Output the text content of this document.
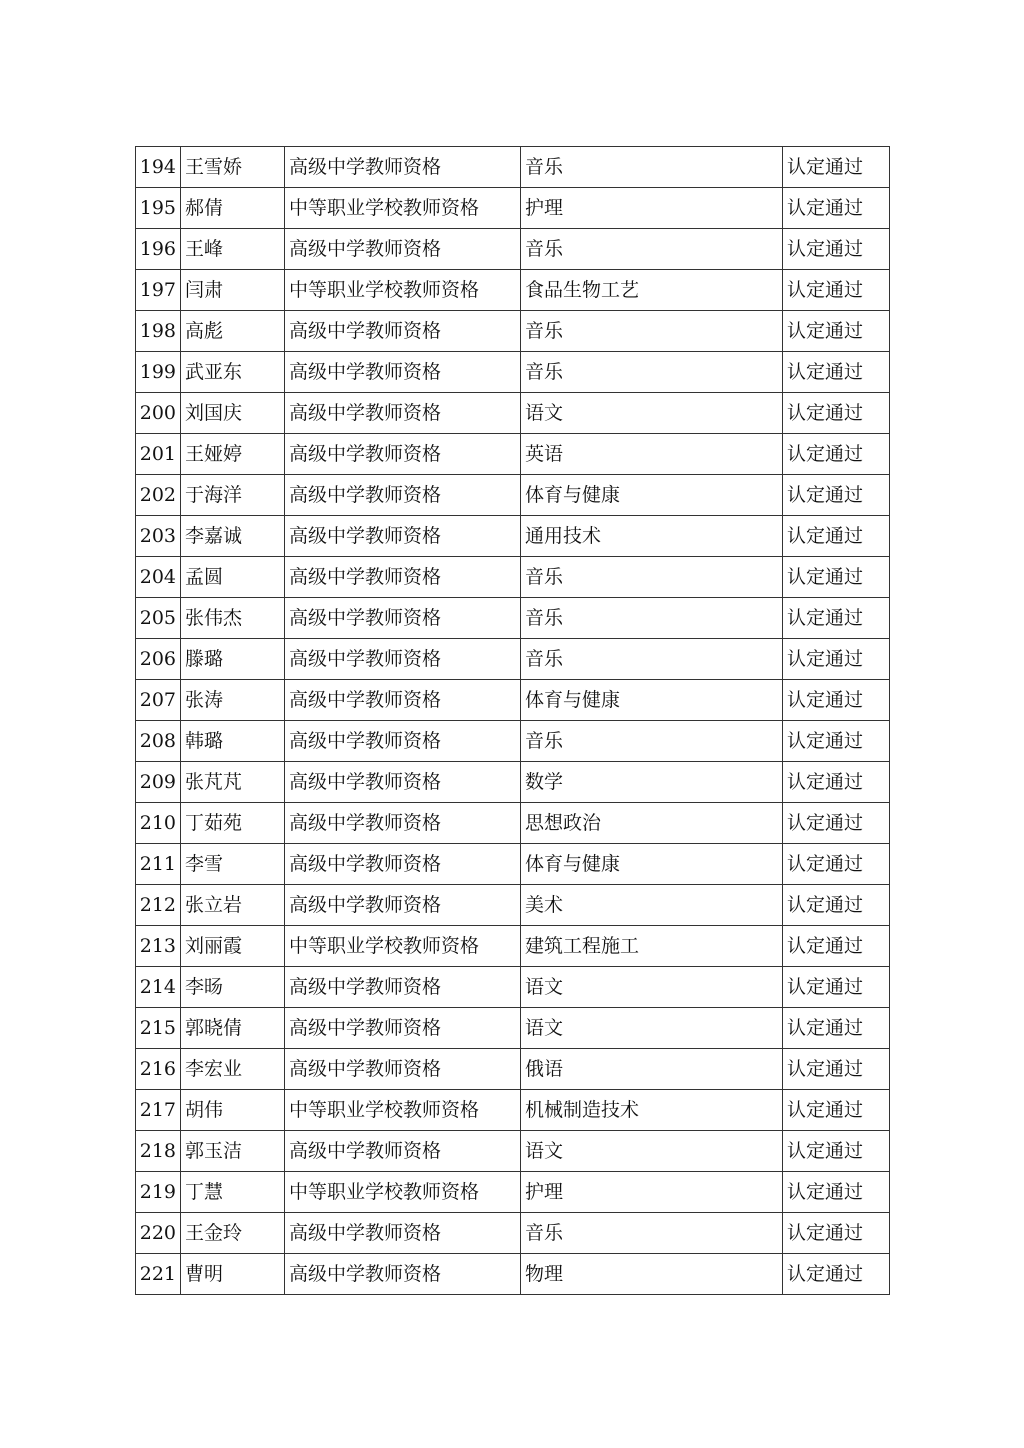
194	王雪娇	高级中学教师资格	音乐	认定通过
195	郝倩	中等职业学校教师资格	护理	认定通过
196	王峰	高级中学教师资格	音乐	认定通过
197	闫肃	中等职业学校教师资格	食品生物工艺	认定通过
198	高彪	高级中学教师资格	音乐	认定通过
199	武亚东	高级中学教师资格	音乐	认定通过
200	刘国庆	高级中学教师资格	语文	认定通过
201	王娅婷	高级中学教师资格	英语	认定通过
202	于海洋	高级中学教师资格	体育与健康	认定通过
203	李嘉诚	高级中学教师资格	通用技术	认定通过
204	孟圆	高级中学教师资格	音乐	认定通过
205	张伟杰	高级中学教师资格	音乐	认定通过
206	滕璐	高级中学教师资格	音乐	认定通过
207	张涛	高级中学教师资格	体育与健康	认定通过
208	韩璐	高级中学教师资格	音乐	认定通过
209	张芃芃	高级中学教师资格	数学	认定通过
210	丁茹苑	高级中学教师资格	思想政治	认定通过
211	李雪	高级中学教师资格	体育与健康	认定通过
212	张立岩	高级中学教师资格	美术	认定通过
213	刘丽霞	中等职业学校教师资格	建筑工程施工	认定通过
214	李旸	高级中学教师资格	语文	认定通过
215	郭晓倩	高级中学教师资格	语文	认定通过
216	李宏业	高级中学教师资格	俄语	认定通过
217	胡伟	中等职业学校教师资格	机械制造技术	认定通过
218	郭玉洁	高级中学教师资格	语文	认定通过
219	丁慧	中等职业学校教师资格	护理	认定通过
220	王金玲	高级中学教师资格	音乐	认定通过
221	曹明	高级中学教师资格	物理	认定通过
